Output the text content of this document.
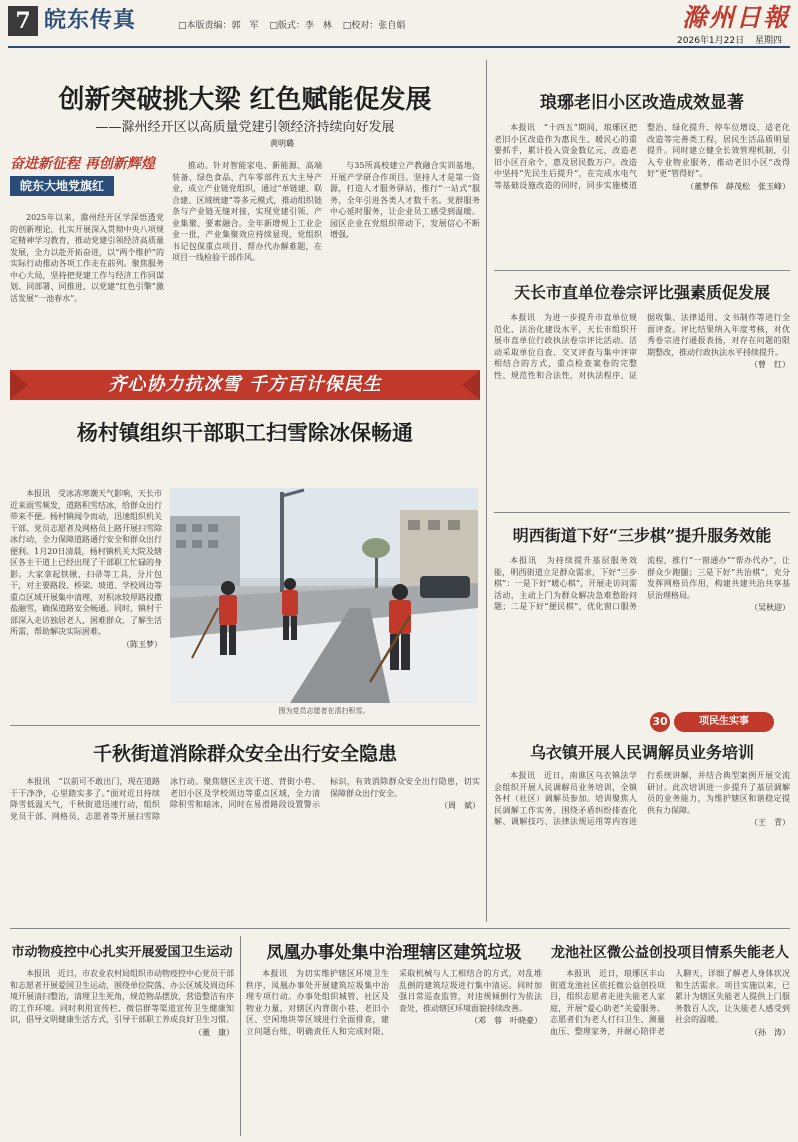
7 皖东传真	□本版责编：郭　军 □版式：李　林 □校对：张自娟	滁州日報
2026年1月22日 星期四
创新突破挑大梁 红色赋能促发展
——滁州经开区以高质量党建引领经济持续向好发展
黄明璐
奋进新征程 再创新辉煌
皖东大地党旗红

2025年以来，滁州经开区学深悟透党的创新理论，扎实开展深入贯彻中央八项规定精神学习教育，推动党建引领经济高质量发展，全力以赴开拓奋进，以“两个维护”的实际行动推动各项工作走在前列。聚焦服务中心大局，坚持把党建工作与经济工作同谋划、同部署、同推进，以党建“红色引擎”激活发展“一池春水”。

推动。针对智能家电、新能源、高端装备、绿色食品、汽车零部件五大主导产业，成立产业链党组织，通过“单链建、联合建、区域统建”等多元模式，推动组织链条与产业链无缝对接，实现党建引领、产业集聚、要素融合。全年新增规上工业企业一批，产业集聚效应持续显现，党组织书记包保重点项目、帮办代办解难题，在项目一线检验干部作风。

与35所高校建立产教融合实训基地，开展产学研合作项目。坚持人才是第一资源，打造人才服务驿站，推行“一站式”服务，全年引进各类人才数千名。党群服务中心延时服务，让企业员工感受到温暖。园区企业在党组织带动下，发展信心不断增强。

齐心协力抗冰雪 千方百计保民生
杨村镇组织干部职工扫雪除冰保畅通

本报讯　受冰冻寒潮天气影响，天长市近来雨雪频发，道路积雪结冰，给群众出行带来不便。杨村镇闻令而动，迅速组织机关干部、党员志愿者及网格员上路开展扫雪除冰行动，全力保障道路通行安全和群众出行便利。1月20日清晨，杨村镇机关大院及辖区各主干道上已经出现了干部职工忙碌的身影。大家拿起铁锹、扫帚等工具，分片包干，对主要路段、桥梁、坡道、学校周边等重点区域开展集中清理，对积冰较厚路段撒盐融雪，确保道路安全畅通。同时，镇村干部深入走访独居老人、困难群众，了解生活所需，帮助解决实际困难。

（陈玉梦）
图为党员志愿者在清扫积雪。
千秋街道消除群众安全出行安全隐患

本报讯　“以前可不敢出门，现在道路干干净净，心里踏实多了。”面对近日持续降雪低温天气，千秋街道迅速行动，组织党员干部、网格员、志愿者等开展扫雪除冰行动。聚焦辖区主次干道、背街小巷、老旧小区及学校周边等重点区域，全力清除积雪和暗冰，同时在易滑路段设置警示标识，有效消除群众安全出行隐患，切实保障群众出行安全。

（周　斌）
琅琊老旧小区改造成效显著

本报讯　“十四五”期间，琅琊区把老旧小区改造作为惠民生、暖民心的重要抓手，累计投入资金数亿元，改造老旧小区百余个，惠及居民数万户。改造中坚持“先民生后提升”，在完成水电气等基础设施改造的同时，同步实施楼道整治、绿化提升、停车位增设、适老化改造等完善类工程，居民生活品质明显提升。同时建立健全长效管理机制，引入专业物业服务，推动老旧小区“改得好”更“管得好”。

（董梦伟　薛茂松　张玉峰）
天长市直单位卷宗评比强素质促发展

本报讯　为进一步提升市直单位规范化、法治化建设水平，天长市组织开展市直单位行政执法卷宗评比活动。活动采取单位自查、交叉评查与集中评审相结合的方式，重点检查案卷的完整性、规范性和合法性，对执法程序、证据收集、法律适用、文书制作等进行全面评查。评比结果纳入年度考核，对优秀卷宗进行通报表扬，对存在问题的限期整改，推动行政执法水平持续提升。

（曾　红）
明西街道下好“三步棋”提升服务效能

本报讯　为持续提升基层服务效能，明西街道立足群众需求，下好“三步棋”：一是下好“暖心棋”，开展走访问需活动，主动上门为群众解决急难愁盼问题；二是下好“便民棋”，优化窗口服务流程，推行“一窗通办”“帮办代办”，让群众少跑腿；三是下好“共治棋”，充分发挥网格员作用，构建共建共治共享基层治理格局。

（吴秋迎）
30	项民生实事
乌衣镇开展人民调解员业务培训

本报讯　近日，南谯区乌衣镇法学会组织开展人民调解员业务培训，全镇各村（社区）调解员参加。培训聚焦人民调解工作实务，围绕矛盾纠纷排查化解、调解技巧、法律法规运用等内容进行系统讲解，并结合典型案例开展交流研讨。此次培训进一步提升了基层调解员的业务能力，为维护辖区和谐稳定提供有力保障。

（王　青）
市动物疫控中心扎实开展爱国卫生运动

本报讯　近日，市农业农村局组织市动物疫控中心党员干部和志愿者开展爱国卫生运动，围绕单位院落、办公区域及周边环境开展清扫整治，清理卫生死角，规范物品摆放，营造整洁有序的工作环境。同时利用宣传栏、微信群等渠道宣传卫生健康知识，倡导文明健康生活方式，引导干部职工养成良好卫生习惯。

（董　康）
凤凰办事处集中治理辖区建筑垃圾

本报讯　为切实维护辖区环境卫生秩序，凤凰办事处开展建筑垃圾集中治理专项行动。办事处组织城管、社区及物业力量，对辖区内背街小巷、老旧小区、空闲地块等区域进行全面排查，建立问题台账，明确责任人和完成时限，采取机械与人工相结合的方式，对乱堆乱倒的建筑垃圾进行集中清运。同时加强日常巡查监管，对违规倾倒行为依法查处，推动辖区环境面貌持续改善。

（邓　蓉　叶晓豪）
龙池社区微公益创投项目情系失能老人

本报讯　近日，琅琊区丰山街道龙池社区依托微公益创投项目，组织志愿者走进失能老人家庭，开展“爱心助老”关爱服务。志愿者们为老人打扫卫生、测量血压、整理家务，并耐心陪伴老人聊天，详细了解老人身体状况和生活需求。项目实施以来，已累计为辖区失能老人提供上门服务数百人次，让失能老人感受到社会的温暖。

（孙　涛）
